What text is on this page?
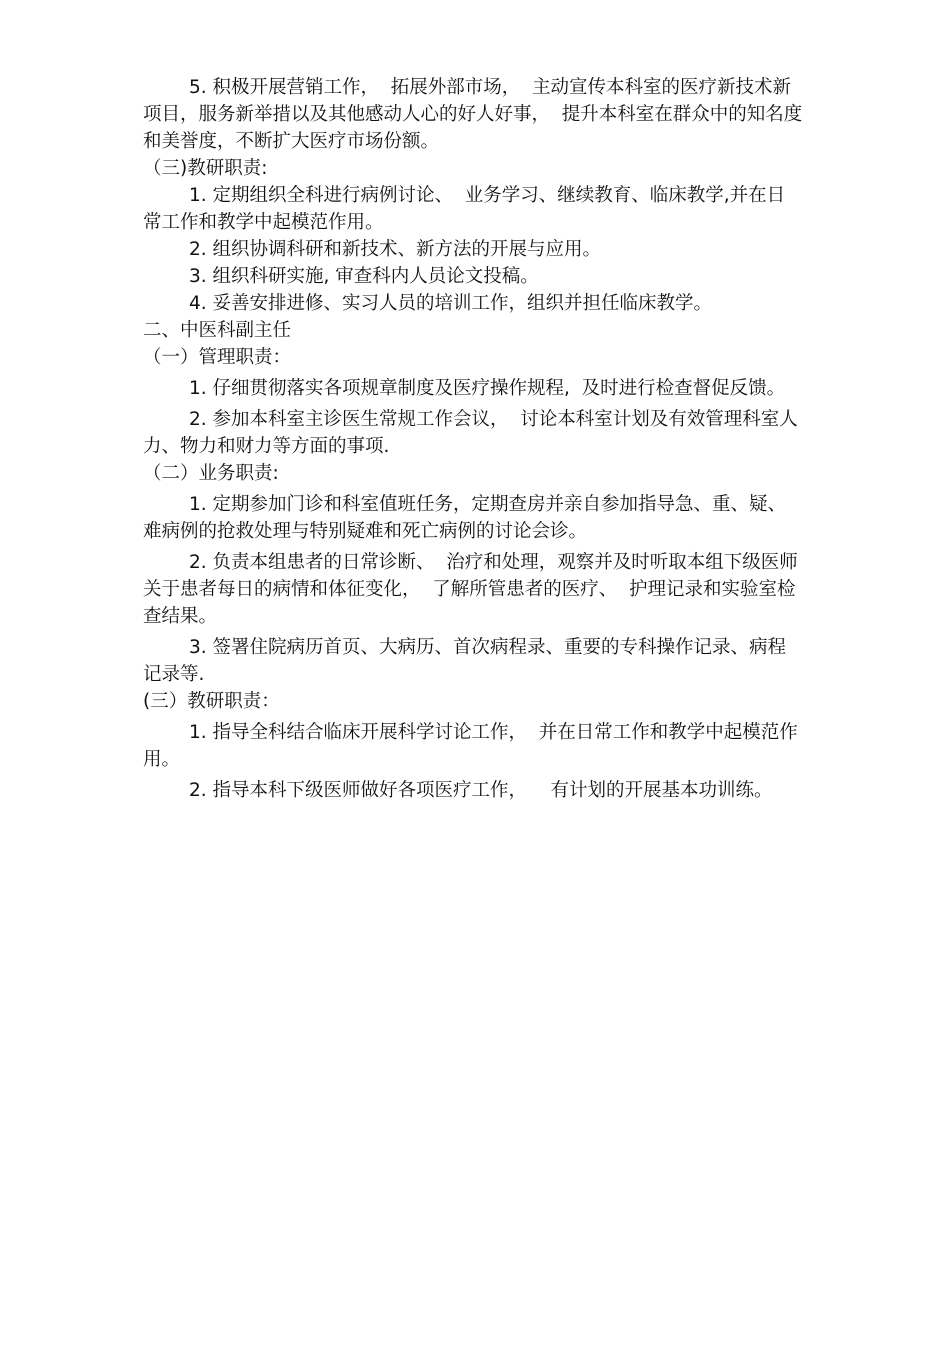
5. 积极开展营销工作，  拓展外部市场，  主动宣传本科室的医疗新技术新项目，服务新举措以及其他感动人心的好人好事，  提升本科室在群众中的知名度和美誉度，不断扩大医疗市场份额。

（三)教研职责:

1. 定期组织全科进行病例讨论、  业务学习、继续教育、临床教学,并在日常工作和教学中起模范作用。

2. 组织协调科研和新技术、新方法的开展与应用。

3. 组织科研实施, 审查科内人员论文投稿。

4. 妥善安排进修、实习人员的培训工作，组织并担任临床教学。

二、中医科副主任

（一）管理职责：

1. 仔细贯彻落实各项规章制度及医疗操作规程,  及时进行检查督促反馈。

2. 参加本科室主诊医生常规工作会议，  讨论本科室计划及有效管理科室人力、物力和财力等方面的事项.

（二）业务职责:

1. 定期参加门诊和科室值班任务，定期查房并亲自参加指导急、重、疑、难病例的抢救处理与特别疑难和死亡病例的讨论会诊。

2. 负责本组患者的日常诊断、  治疗和处理，观察并及时听取本组下级医师关于患者每日的病情和体征变化，  了解所管患者的医疗、  护理记录和实验室检查结果。

3. 签署住院病历首页、大病历、首次病程录、重要的专科操作记录、病程记录等.

(三）教研职责：

1. 指导全科结合临床开展科学讨论工作，  并在日常工作和教学中起模范作用。

2. 指导本科下级医师做好各项医疗工作，    有计划的开展基本功训练。
